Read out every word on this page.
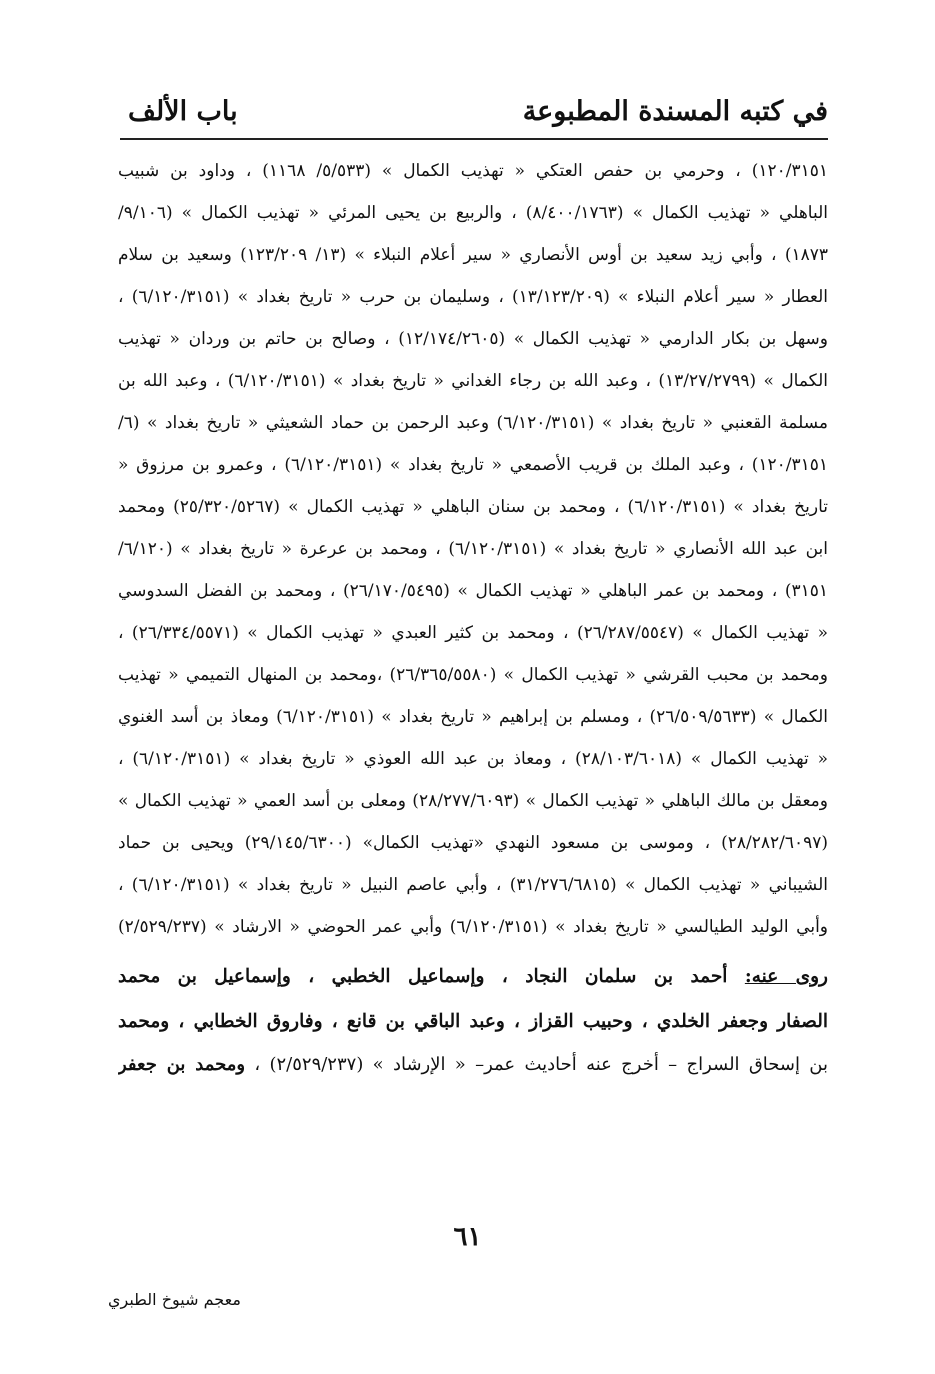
في كتبه المسندة المطبوعة
باب الألف
١٢٠/٣١٥١) ، وحرمي بن حفص العتكي « تهذيب الكمال » (٥/٥٣٣/ ١١٦٨) ، وداود بن شبيب
الباهلي « تهذيب الكمال » (٨/٤٠٠/١٧٦٣) ، والربيع بن يحيى المرئي « تهذيب الكمال » (٩/١٠٦/
١٨٧٣) ، وأبي زيد سعيد بن أوس الأنصاري « سير أعلام النبلاء » (١٣/ ١٢٣/٢٠٩) وسعيد بن سلام
العطار « سير أعلام النبلاء » (١٣/١٢٣/٢٠٩) ، وسليمان بن حرب « تاريخ بغداد » (٦/١٢٠/٣١٥١) ،
وسهل بن بكار الدارمي « تهذيب الكمال » (١٢/١٧٤/٢٦٠٥) ، وصالح بن حاتم بن وردان « تهذيب
الكمال » (١٣/٢٧/٢٧٩٩) ، وعبد الله بن رجاء الغداني « تاريخ بغداد » (٦/١٢٠/٣١٥١) ، وعبد الله بن
مسلمة القعنبي « تاريخ بغداد » (٦/١٢٠/٣١٥١) وعبد الرحمن بن حماد الشعيثي « تاريخ بغداد » (٦/
١٢٠/٣١٥١) ، وعبد الملك بن قريب الأصمعي « تاريخ بغداد » (٦/١٢٠/٣١٥١) ، وعمرو بن مرزوق «
تاريخ بغداد » (٦/١٢٠/٣١٥١) ، ومحمد بن سنان الباهلي « تهذيب الكمال » (٢٥/٣٢٠/٥٢٦٧) ومحمد
ابن عبد الله الأنصاري « تاريخ بغداد » (٦/١٢٠/٣١٥١) ، ومحمد بن عرعرة « تاريخ بغداد » (٦/١٢٠/
٣١٥١) ، ومحمد بن عمر الباهلي « تهذيب الكمال » (٢٦/١٧٠/٥٤٩٥) ، ومحمد بن الفضل السدوسي
« تهذيب الكمال » (٢٦/٢٨٧/٥٥٤٧) ، ومحمد بن كثير العبدي « تهذيب الكمال » (٢٦/٣٣٤/٥٥٧١) ،
ومحمد بن محبب القرشي « تهذيب الكمال » (٢٦/٣٦٥/٥٥٨٠) ،ومحمد بن المنهال التميمي « تهذيب
الكمال » (٢٦/٥٠٩/٥٦٣٣) ، ومسلم بن إبراهيم « تاريخ بغداد » (٦/١٢٠/٣١٥١) ومعاذ بن أسد الغنوي
« تهذيب الكمال » (٢٨/١٠٣/٦٠١٨) ، ومعاذ بن عبد الله العوذي « تاريخ بغداد » (٦/١٢٠/٣١٥١) ،
ومعقل بن مالك الباهلي « تهذيب الكمال » (٢٨/٢٧٧/٦٠٩٣) ومعلى بن أسد العمي « تهذيب الكمال »
(٢٨/٢٨٢/٦٠٩٧) ، وموسى بن مسعود النهدي «تهذيب الكمال» (٢٩/١٤٥/٦٣٠٠) ويحيى بن حماد
الشيباني « تهذيب الكمال » (٣١/٢٧٦/٦٨١٥) ، وأبي عاصم النبيل « تاريخ بغداد » (٦/١٢٠/٣١٥١) ،
وأبي الوليد الطيالسي « تاريخ بغداد » (٦/١٢٠/٣١٥١) وأبي عمر الحوضي « الارشاد » (٢/٥٢٩/٢٣٧)
روى عنه: أحمد بن سلمان النجاد ، وإسماعيل الخطبي ، وإسماعيل بن محمد
الصفار وجعفر الخلدي ، وحبيب القزاز ، وعبد الباقي بن قانع ، وفاروق الخطابي ، ومحمد
بن إسحاق السراج – أخرج عنه أحاديث عمر– « الإرشاد » (٢/٥٢٩/٢٣٧) ، ومحمد بن جعفر
٦١
معجم شيوخ الطبري
